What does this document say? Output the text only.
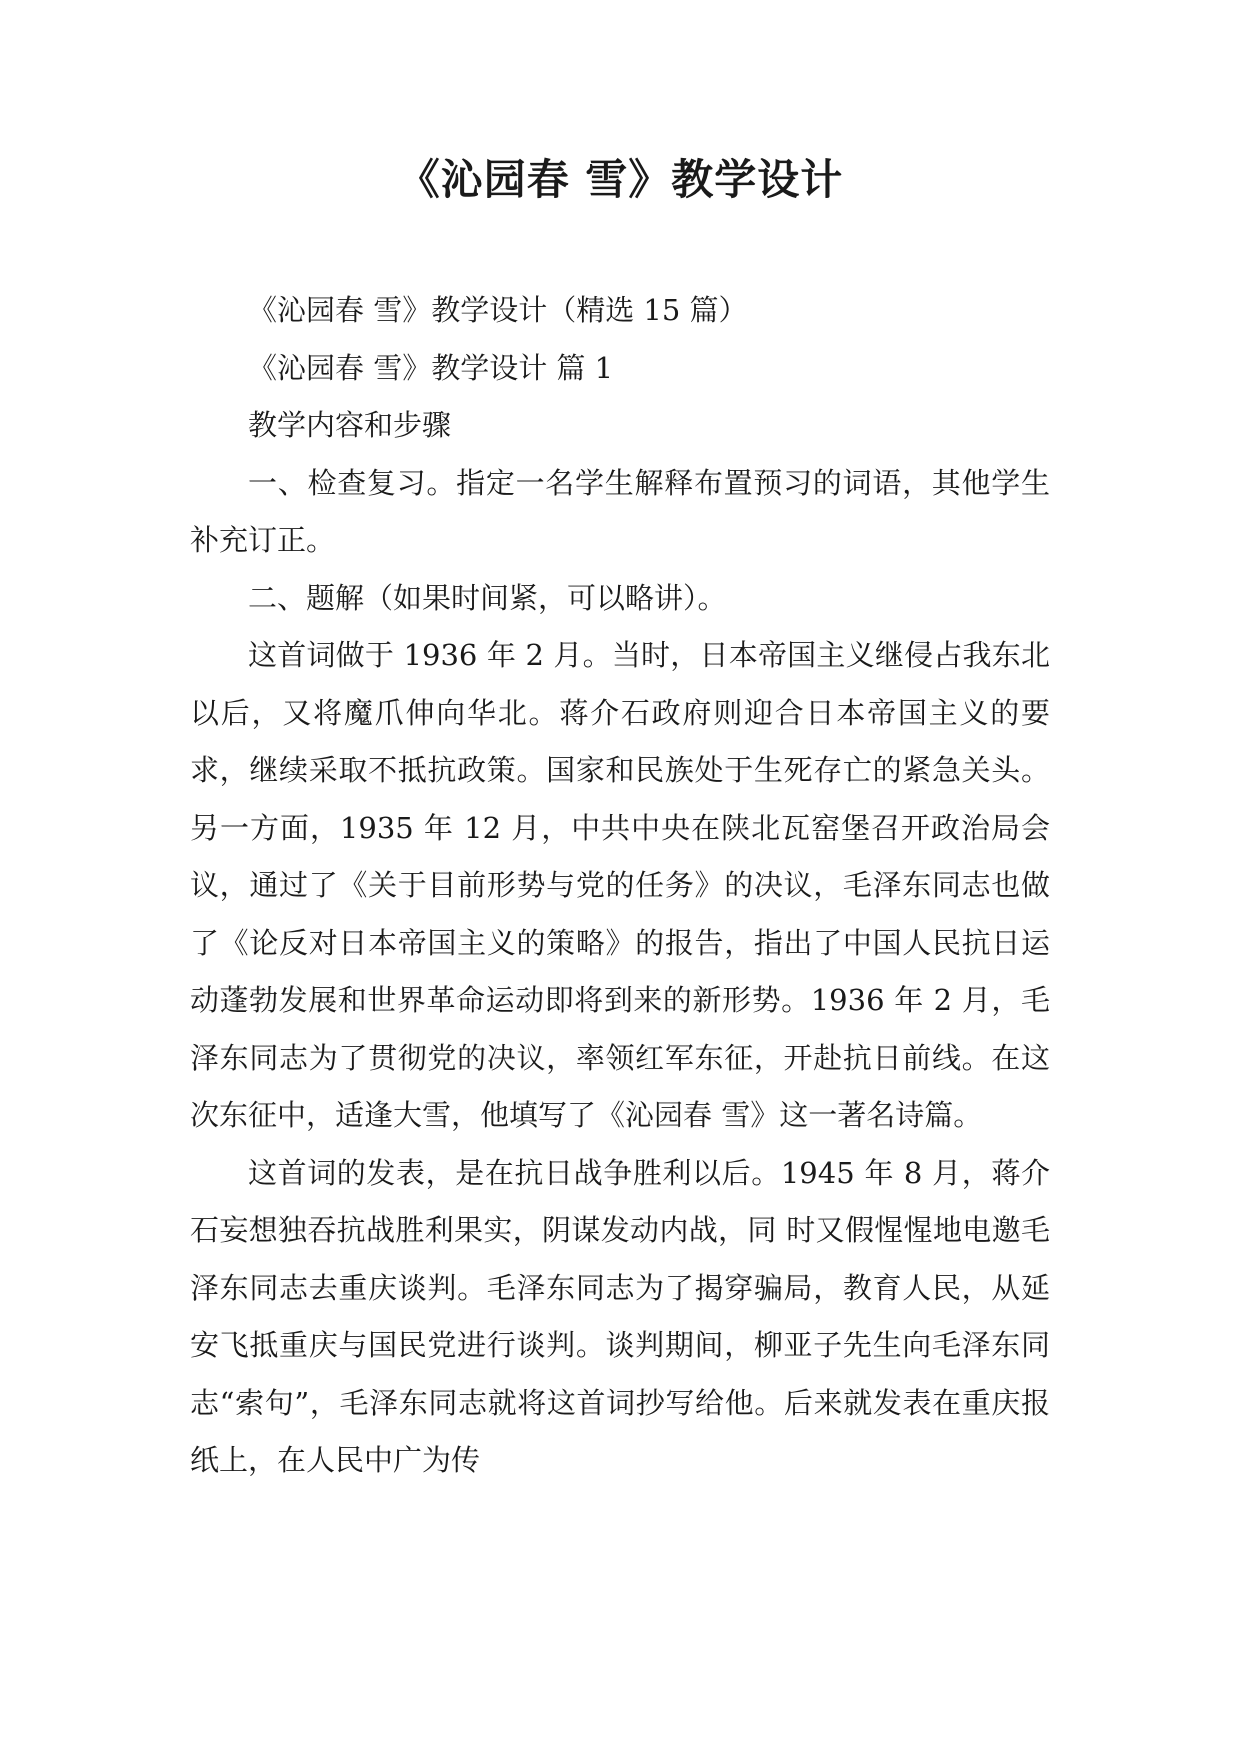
《沁园春 雪》教学设计

《沁园春 雪》教学设计（精选 15 篇）

《沁园春 雪》教学设计 篇 1

教学内容和步骤

一、检查复习。指定一名学生解释布置预习的词语，其他学生补充订正。

二、题解（如果时间紧，可以略讲）。

这首词做于 1936 年 2 月。当时，日本帝国主义继侵占我东北以后，又将魔爪伸向华北。蒋介石政府则迎合日本帝国主义的要求，继续采取不抵抗政策。国家和民族处于生死存亡的紧急关头。另一方面，1935 年 12 月，中共中央在陕北瓦窑堡召开政治局会议，通过了《关于目前形势与党的任务》的决议，毛泽东同志也做了《论反对日本帝国主义的策略》的报告，指出了中国人民抗日运动蓬勃发展和世界革命运动即将到来的新形势。1936 年 2 月，毛泽东同志为了贯彻党的决议，率领红军东征，开赴抗日前线。在这次东征中，适逢大雪，他填写了《沁园春 雪》这一著名诗篇。

这首词的发表，是在抗日战争胜利以后。1945 年 8 月，蒋介石妄想独吞抗战胜利果实，阴谋发动内战，同 时又假惺惺地电邀毛泽东同志去重庆谈判。毛泽东同志为了揭穿骗局，教育人民，从延安飞抵重庆与国民党进行谈判。谈判期间，柳亚子先生向毛泽东同志“索句”，毛泽东同志就将这首词抄写给他。后来就发表在重庆报纸上，在人民中广为传
